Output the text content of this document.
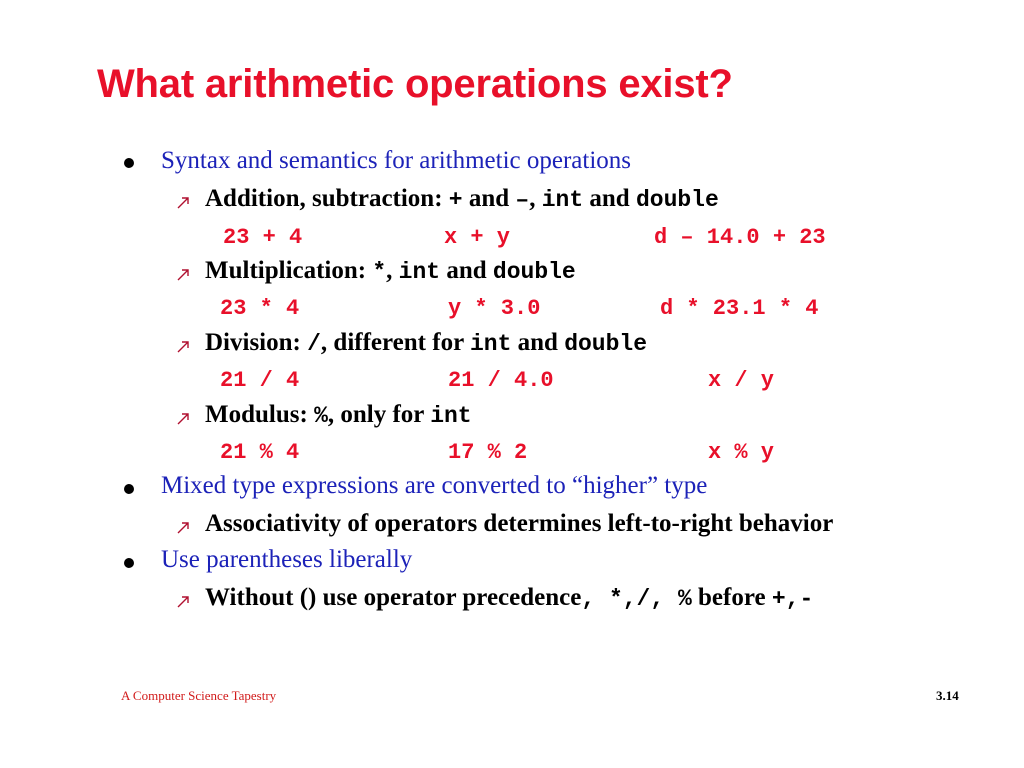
What arithmetic operations exist?
Syntax and semantics for arithmetic operations
Addition, subtraction: + and –, int and double
23 + 4	x + y	d – 14.0 + 23
Multiplication: *, int and double
23 * 4	y * 3.0	d * 23.1 * 4
Division: /, different for int and double
21 / 4	21 / 4.0	x / y
Modulus: %, only for int
21 % 4	17 % 2	x % y
Mixed type expressions are converted to “higher” type
Associativity of operators determines left-to-right behavior
Use parentheses liberally
Without () use operator precedence, *,/, % before +,-
A Computer Science Tapestry	3.14
